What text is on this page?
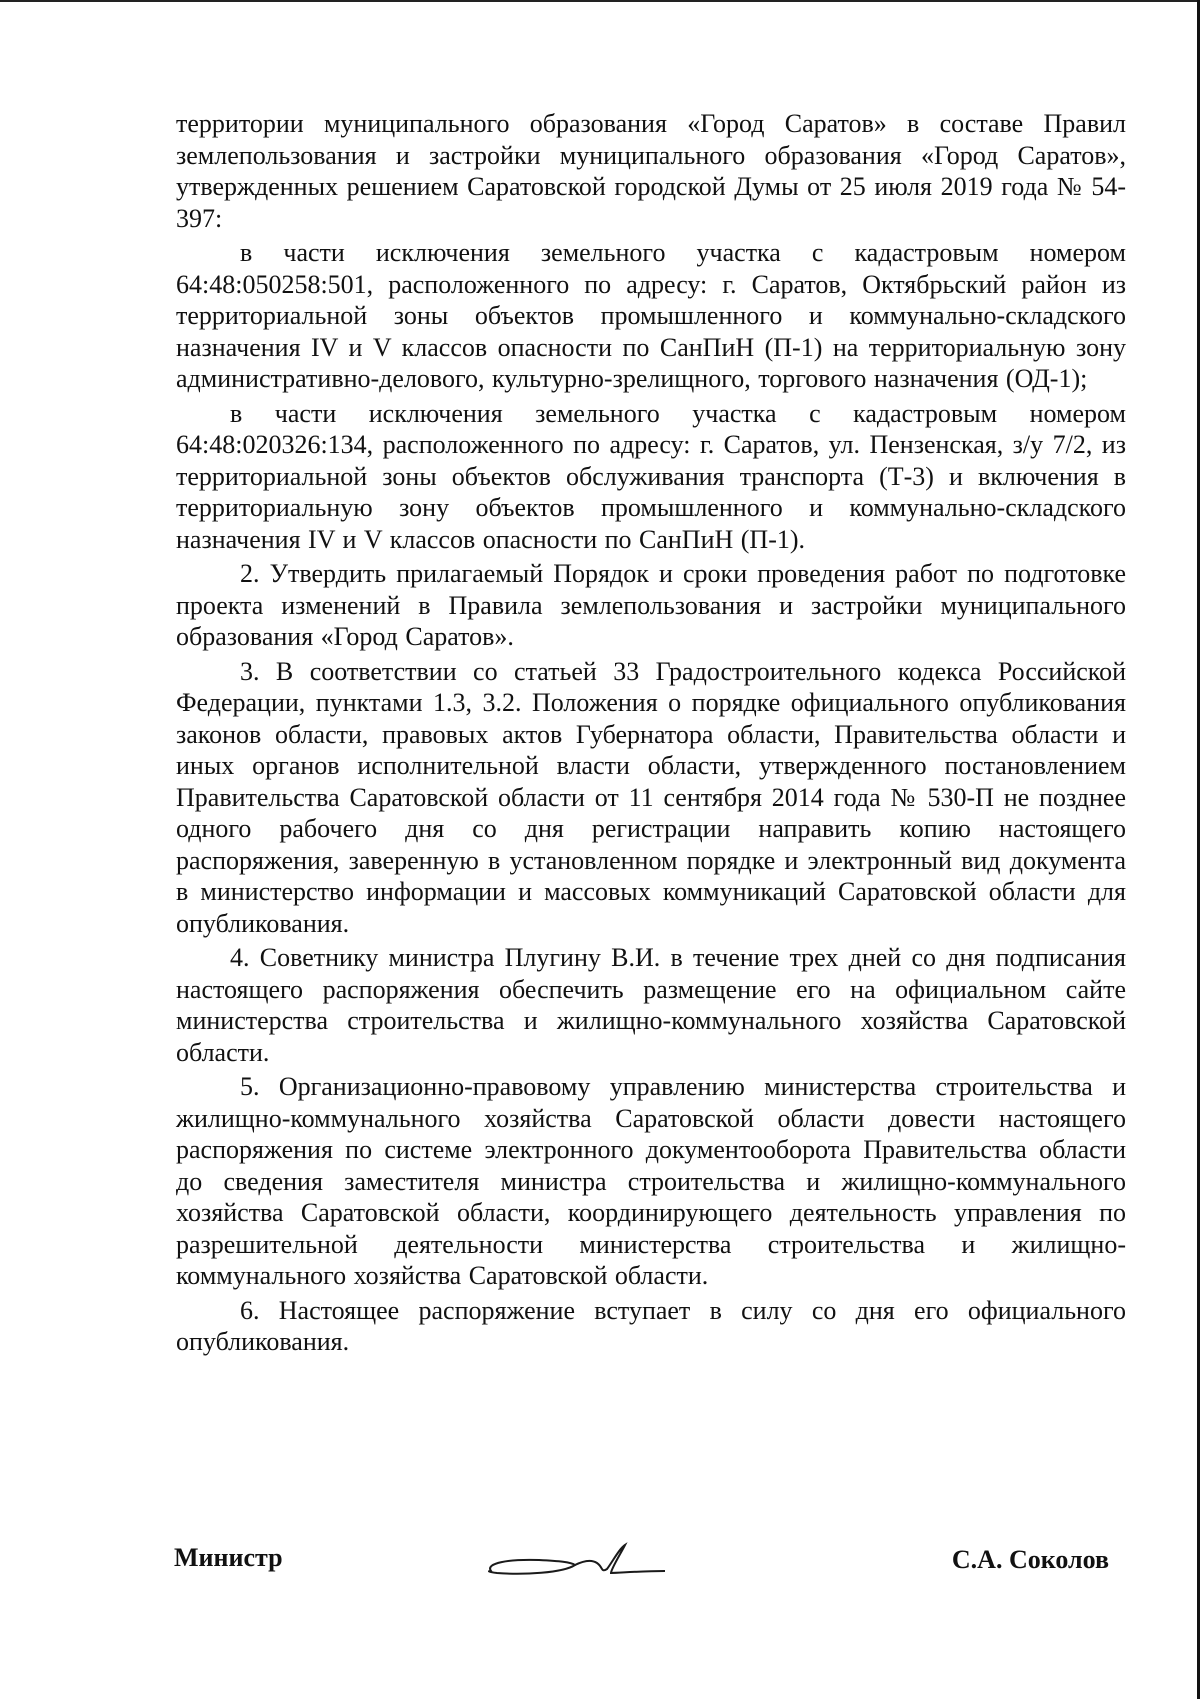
территории муниципального образования «Город Саратов» в составе Правил землепользования и застройки муниципального образования «Город Саратов», утвержденных решением Саратовской городской Думы от 25 июля 2019 года № 54-397:

в части исключения земельного участка с кадастровым номером 64:48:050258:501, расположенного по адресу: г. Саратов, Октябрьский район из территориальной зоны объектов промышленного и коммунально-складского назначения IV и V классов опасности по СанПиН (П-1) на территориальную зону административно-делового, культурно-зрелищного, торгового назначения (ОД-1);

в части исключения земельного участка с кадастровым номером 64:48:020326:134, расположенного по адресу: г. Саратов, ул. Пензенская, з/у 7/2, из территориальной зоны объектов обслуживания транспорта (Т-3) и включения в территориальную зону объектов промышленного и коммунально-складского назначения IV и V классов опасности по СанПиН (П-1).

2. Утвердить прилагаемый Порядок и сроки проведения работ по подготовке проекта изменений в Правила землепользования и застройки муниципального образования «Город Саратов».

3. В соответствии со статьей 33 Градостроительного кодекса Российской Федерации, пунктами 1.3, 3.2. Положения о порядке официального опубликования законов области, правовых актов Губернатора области, Правительства области и иных органов исполнительной власти области, утвержденного постановлением Правительства Саратовской области от 11 сентября 2014 года № 530-П не позднее одного рабочего дня со дня регистрации направить копию настоящего распоряжения, заверенную в установленном порядке и электронный вид документа в министерство информации и массовых коммуникаций Саратовской области для опубликования.

4. Советнику министра Плугину В.И. в течение трех дней со дня подписания настоящего распоряжения обеспечить размещение его на официальном сайте министерства строительства и жилищно-коммунального хозяйства Саратовской области.

5. Организационно-правовому управлению министерства строительства и жилищно-коммунального хозяйства Саратовской области довести настоящего распоряжения по системе электронного документооборота Правительства области до сведения заместителя министра строительства и жилищно-коммунального хозяйства Саратовской области, координирующего деятельность управления по разрешительной деятельности министерства строительства и жилищно-коммунального хозяйства Саратовской области.

6. Настоящее распоряжение вступает в силу со дня его официального опубликования.

Министр	С.А. Соколов
